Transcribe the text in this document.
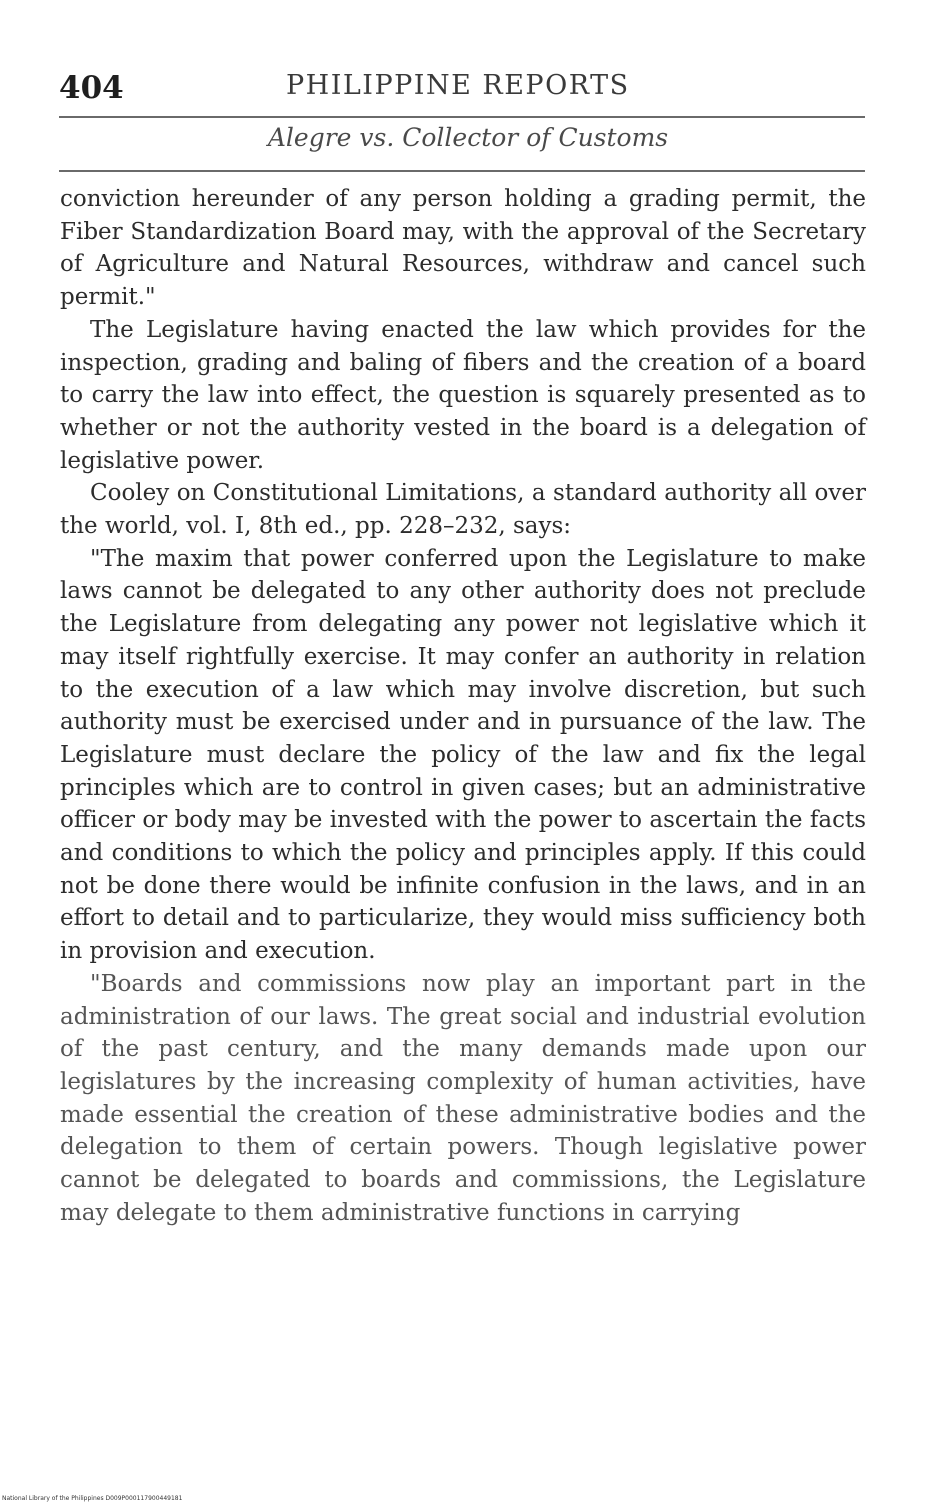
404	PHILIPPINE REPORTS
Alegre vs. Collector of Customs

conviction hereunder of any person holding a grading permit, the Fiber Standardization Board may, with the approval of the Secretary of Agriculture and Natural Resources, withdraw and cancel such permit."

The Legislature having enacted the law which provides for the inspection, grading and baling of fibers and the creation of a board to carry the law into effect, the question is squarely presented as to whether or not the authority vested in the board is a delegation of legislative power.

Cooley on Constitutional Limitations, a standard authority all over the world, vol. I, 8th ed., pp. 228–232, says:

"The maxim that power conferred upon the Legislature to make laws cannot be delegated to any other authority does not preclude the Legislature from delegating any power not legislative which it may itself rightfully exercise. It may confer an authority in relation to the execution of a law which may involve discretion, but such authority must be exercised under and in pursuance of the law. The Legislature must declare the policy of the law and fix the legal principles which are to control in given cases; but an administrative officer or body may be invested with the power to ascertain the facts and conditions to which the policy and principles apply. If this could not be done there would be infinite confusion in the laws, and in an effort to detail and to particularize, they would miss sufficiency both in provision and execution.

"Boards and commissions now play an important part in the administration of our laws. The great social and industrial evolution of the past century, and the many demands made upon our legislatures by the increasing complexity of human activities, have made essential the creation of these administrative bodies and the delegation to them of certain powers. Though legislative power cannot be delegated to boards and commissions, the Legislature may delegate to them administrative functions in carrying

National Library of the Philippines D009P000117900449181
